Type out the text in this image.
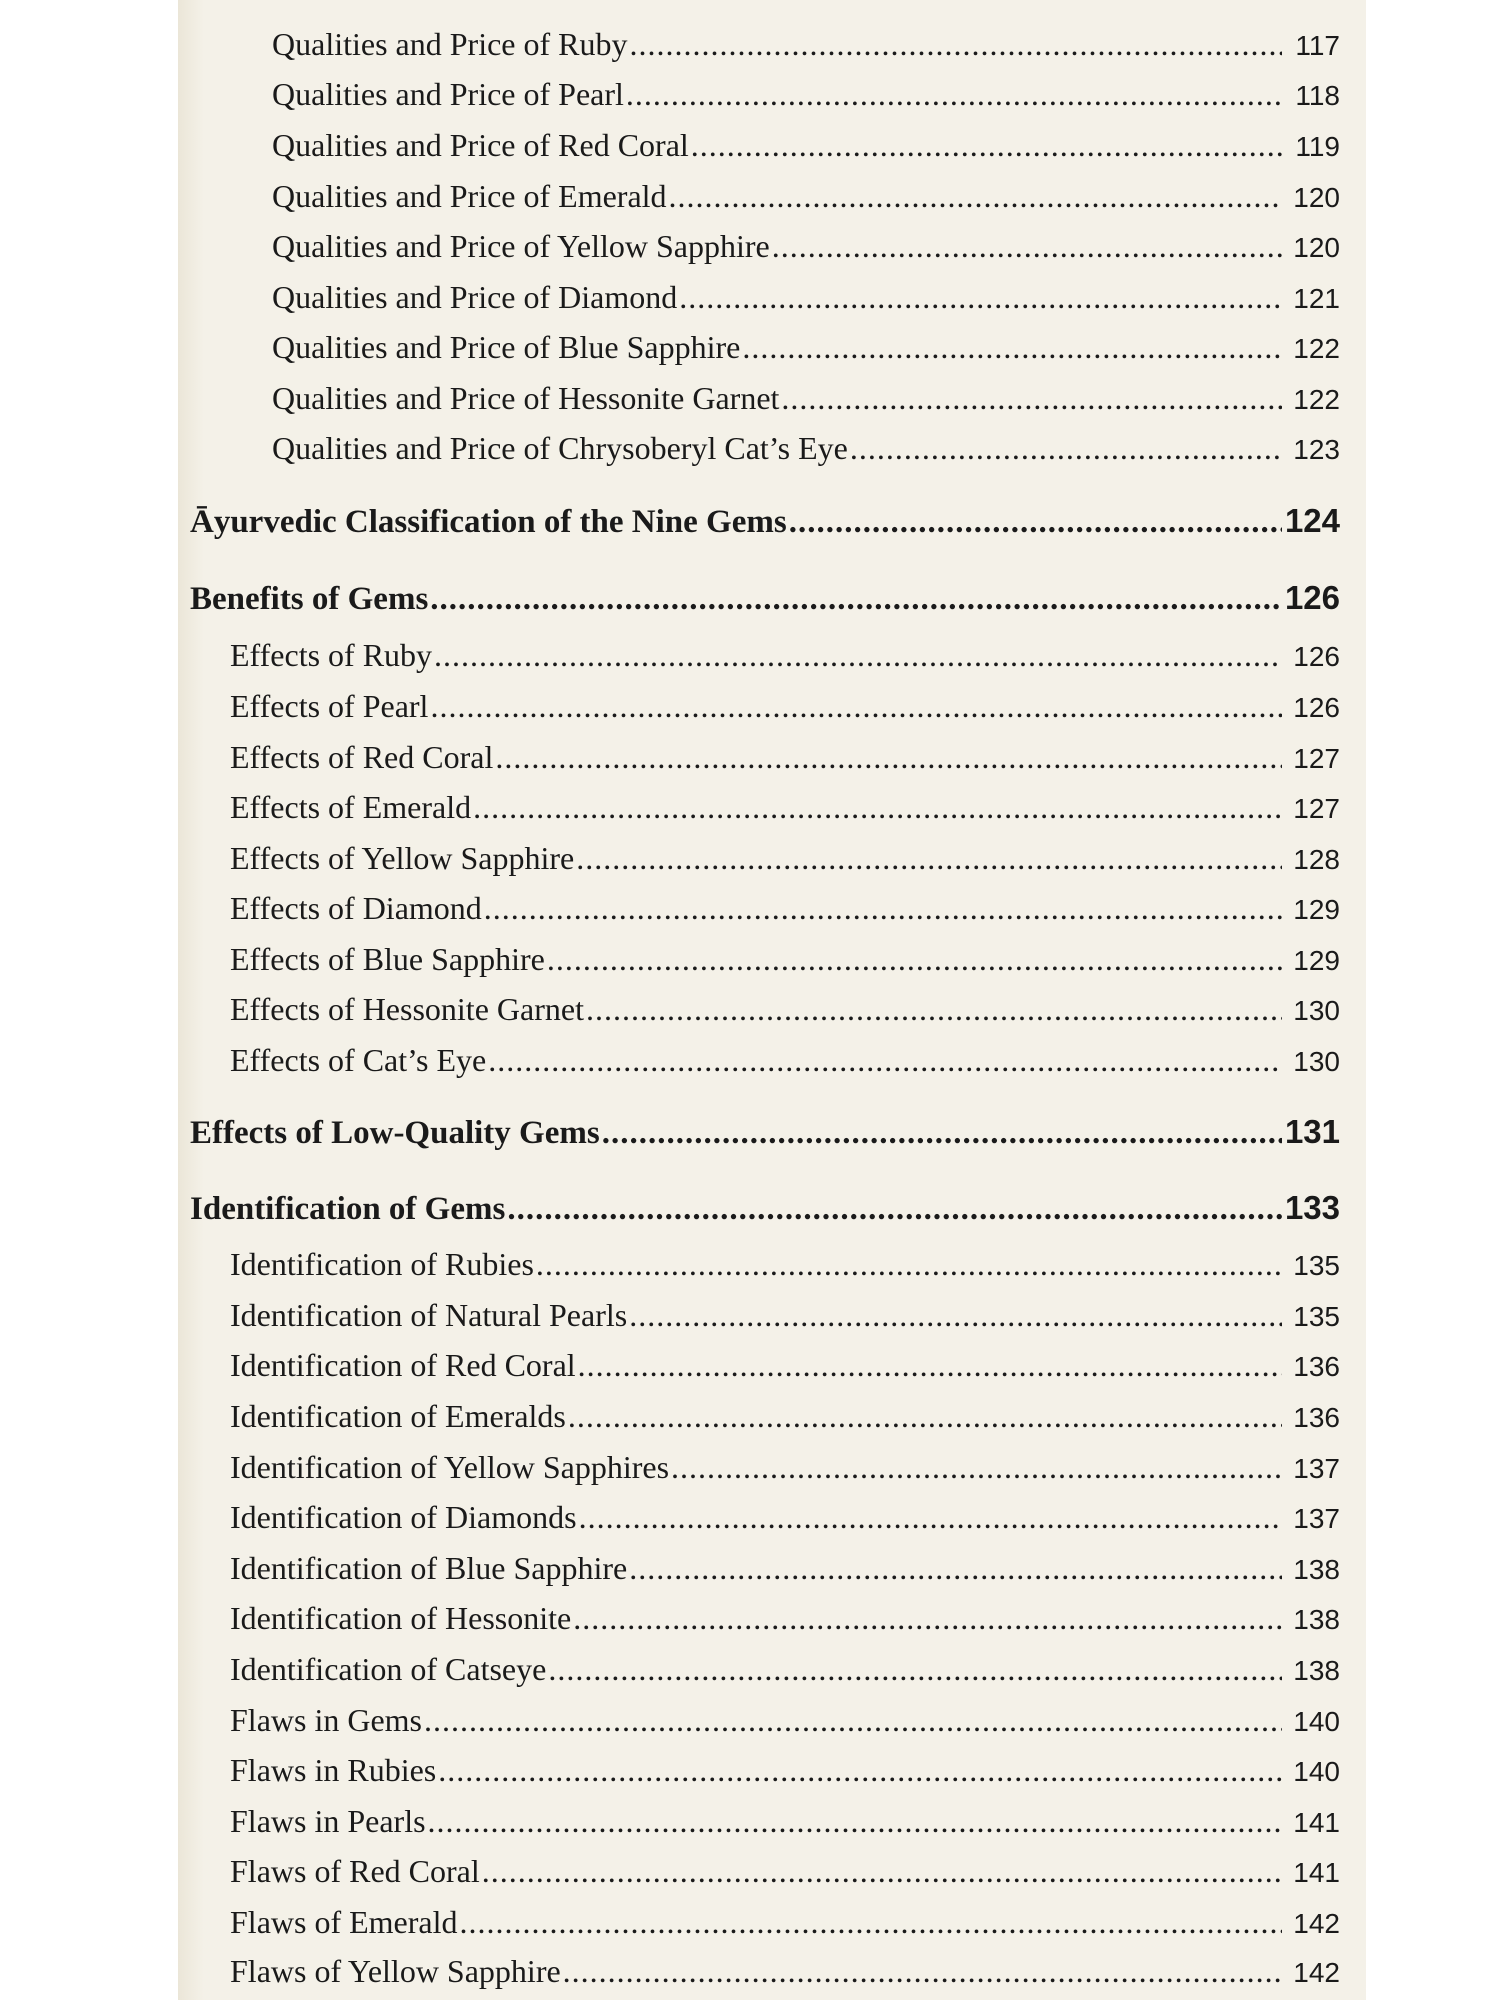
Qualities and Price of Ruby .....	117
Qualities and Price of Pearl .....	118
Qualities and Price of Red Coral .....	119
Qualities and Price of Emerald .....	120
Qualities and Price of Yellow Sapphire .....	120
Qualities and Price of Diamond .....	121
Qualities and Price of Blue Sapphire .....	122
Qualities and Price of Hessonite Garnet .....	122
Qualities and Price of Chrysoberyl Cat’s Eye .....	123
Āyurvedic Classification of the Nine Gems .....	124
Benefits of Gems .....	126
Effects of Ruby .....	126
Effects of Pearl .....	126
Effects of Red Coral .....	127
Effects of Emerald .....	127
Effects of Yellow Sapphire .....	128
Effects of Diamond .....	129
Effects of Blue Sapphire .....	129
Effects of Hessonite Garnet .....	130
Effects of Cat’s Eye .....	130
Effects of Low-Quality Gems .....	131
Identification of Gems .....	133
Identification of Rubies .....	135
Identification of Natural Pearls .....	135
Identification of Red Coral .....	136
Identification of Emeralds .....	136
Identification of Yellow Sapphires .....	137
Identification of Diamonds .....	137
Identification of Blue Sapphire .....	138
Identification of Hessonite .....	138
Identification of Catseye .....	138
Flaws in Gems .....	140
Flaws in Rubies .....	140
Flaws in Pearls .....	141
Flaws of Red Coral .....	141
Flaws of Emerald .....	142
Flaws of Yellow Sapphire .....	142
